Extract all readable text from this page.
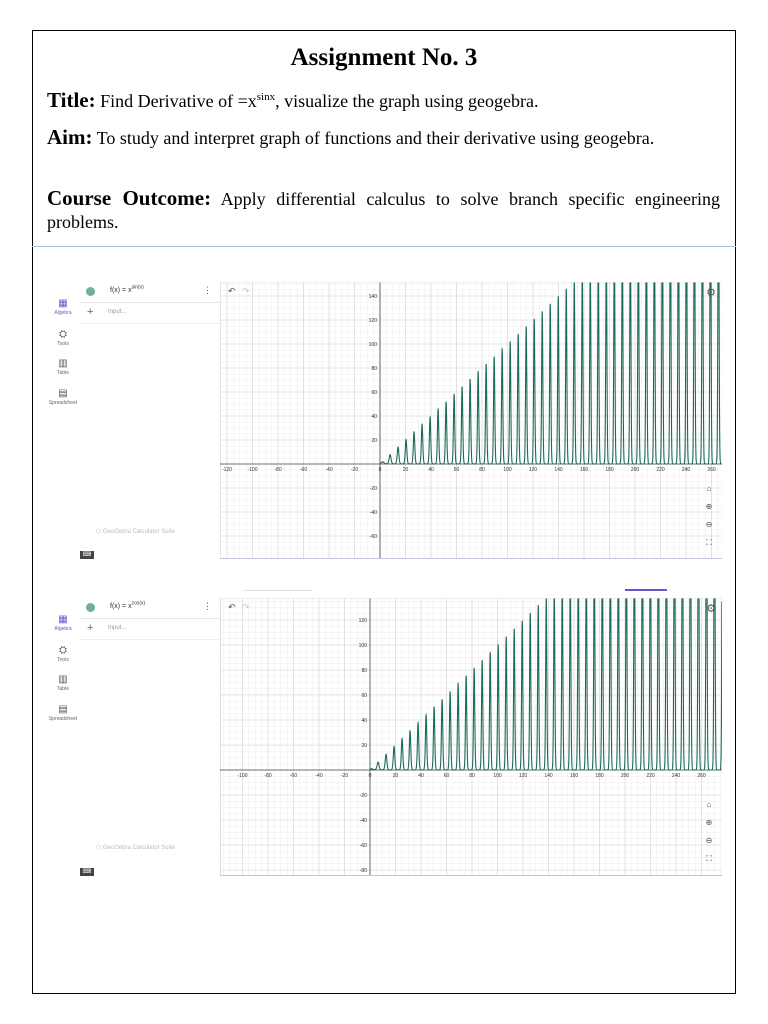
Assignment No. 3
Title: Find Derivative of $=x^{sinx}$, visualize the graph using geogebra.
Aim: To study and interpret graph of functions and their derivative using geogebra.
Course Outcome: Apply differential calculus to solve branch specific engineering problems.
▦
Algebra
⛭
Tools
▥
Table
▤
Spreadsheet
$f(x) = x^{sin(x)}$	⋮
+ Input...
⬠ GeoGebra Calculator Suite
⌨
-120	-100	-80	-60	-40	-20	0	20	40	60	80	100	120	140	160	180	200	220	240	260
140
120
100
80
60
40
20
-20
-40
-60
↶ ↷	⚙
⌂
⊕
⊖
⛶
▦
Algebra
⛭
Tools
▥
Table
▤
Spreadsheet
$f(x) = x^{cos(x)}$	⋮
+ Input...
⬠ GeoGebra Calculator Suite
⌨
-100	-80	-60	-40	-20	0	20	40	60	80	100	120	140	160	180	200	220	240	260
120
100
80
60
40
20
-20
-40
-60
-80
↶ ↷	⚙
⌂
⊕
⊖
⛶
